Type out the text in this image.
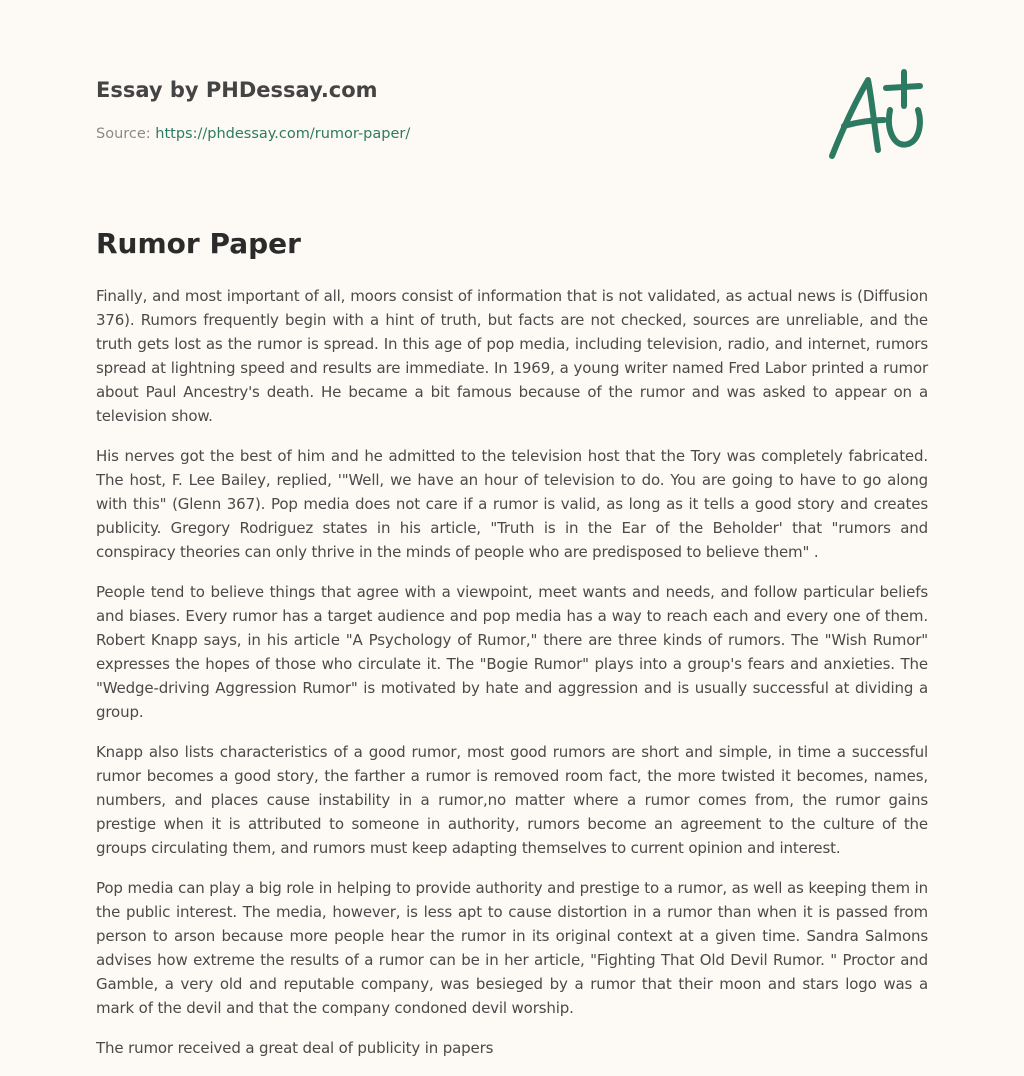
Essay by PHDessay.com
Source: https://phdessay.com/rumor-paper/
Rumor Paper

Finally, and most important of all, moors consist of information that is not validated, as actual news is (Diffusion 376). Rumors frequently begin with a hint of truth, but facts are not checked, sources are unreliable, and the truth gets lost as the rumor is spread. In this age of pop media, including television, radio, and internet, rumors spread at lightning speed and results are immediate. In 1969, a young writer named Fred Labor printed a rumor about Paul Ancestry's death. He became a bit famous because of the rumor and was asked to appear on a television show.

His nerves got the best of him and he admitted to the television host that the Tory was completely fabricated. The host, F. Lee Bailey, replied, '"Well, we have an hour of television to do. You are going to have to go along with this" (Glenn 367). Pop media does not care if a rumor is valid, as long as it tells a good story and creates publicity. Gregory Rodriguez states in his article, "Truth is in the Ear of the Beholder' that "rumors and conspiracy theories can only thrive in the minds of people who are predisposed to believe them" .

People tend to believe things that agree with a viewpoint, meet wants and needs, and follow particular beliefs and biases. Every rumor has a target audience and pop media has a way to reach each and every one of them. Robert Knapp says, in his article "A Psychology of Rumor," there are three kinds of rumors. The "Wish Rumor" expresses the hopes of those who circulate it. The "Bogie Rumor" plays into a group's fears and anxieties. The "Wedge-driving Aggression Rumor" is motivated by hate and aggression and is usually successful at dividing a group.

Knapp also lists characteristics of a good rumor, most good rumors are short and simple, in time a successful rumor becomes a good story, the farther a rumor is removed room fact, the more twisted it becomes, names, numbers, and places cause instability in a rumor,no matter where a rumor comes from, the rumor gains prestige when it is attributed to someone in authority, rumors become an agreement to the culture of the groups circulating them, and rumors must keep adapting themselves to current opinion and interest.

Pop media can play a big role in helping to provide authority and prestige to a rumor, as well as keeping them in the public interest. The media, however, is less apt to cause distortion in a rumor than when it is passed from person to arson because more people hear the rumor in its original context at a given time. Sandra Salmons advises how extreme the results of a rumor can be in her article, "Fighting That Old Devil Rumor. " Proctor and Gamble, a very old and reputable company, was besieged by a rumor that their moon and stars logo was a mark of the devil and that the company condoned devil worship.

The rumor received a great deal of publicity in papers
